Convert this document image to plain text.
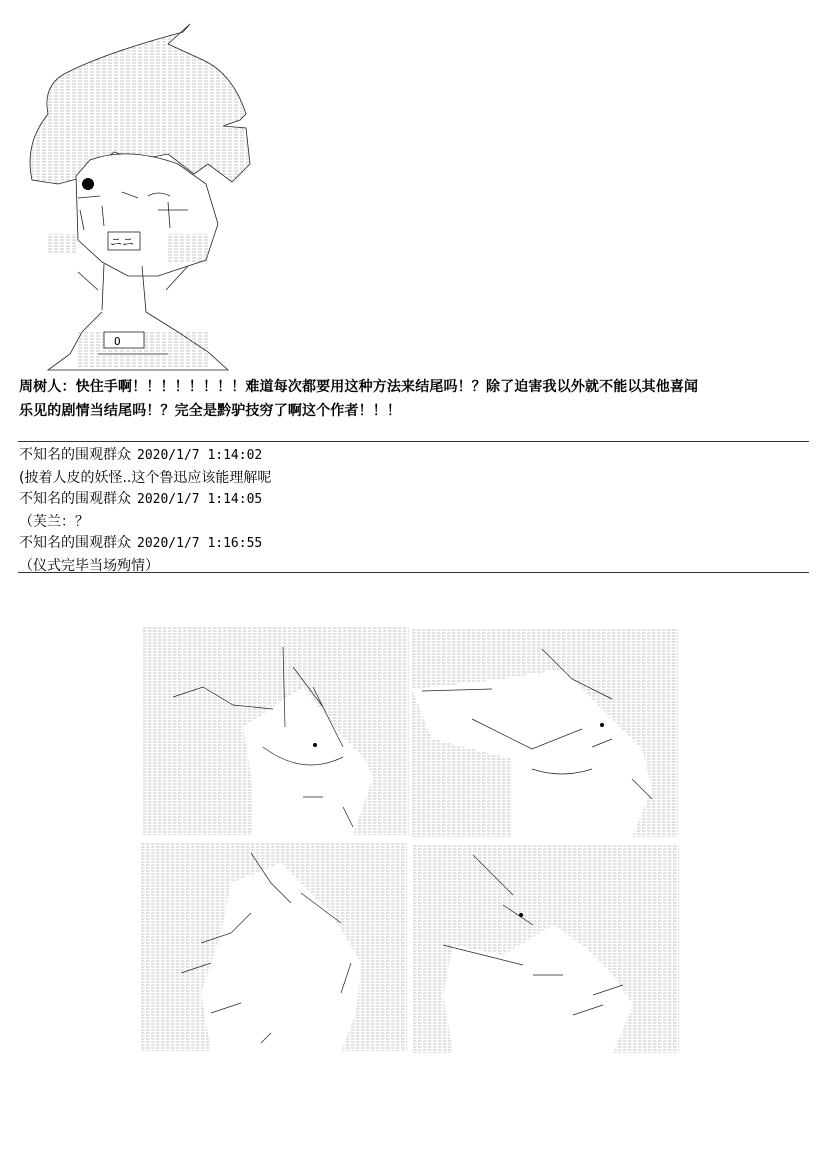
ニニ
O

周树人：快住手啊！！！！！！！！难道每次都要用这种方法来结尾吗！？除了迫害我以外就不能以其他喜闻

乐见的剧情当结尾吗！？完全是黔驴技穷了啊这个作者！！！

不知名的围观群众 2020/1/7 1:14:02
(披着人皮的妖怪..这个鲁迅应该能理解呢
不知名的围观群众 2020/1/7 1:14:05
（芙兰：？
不知名的围观群众 2020/1/7 1:16:55
（仪式完毕当场殉情）
